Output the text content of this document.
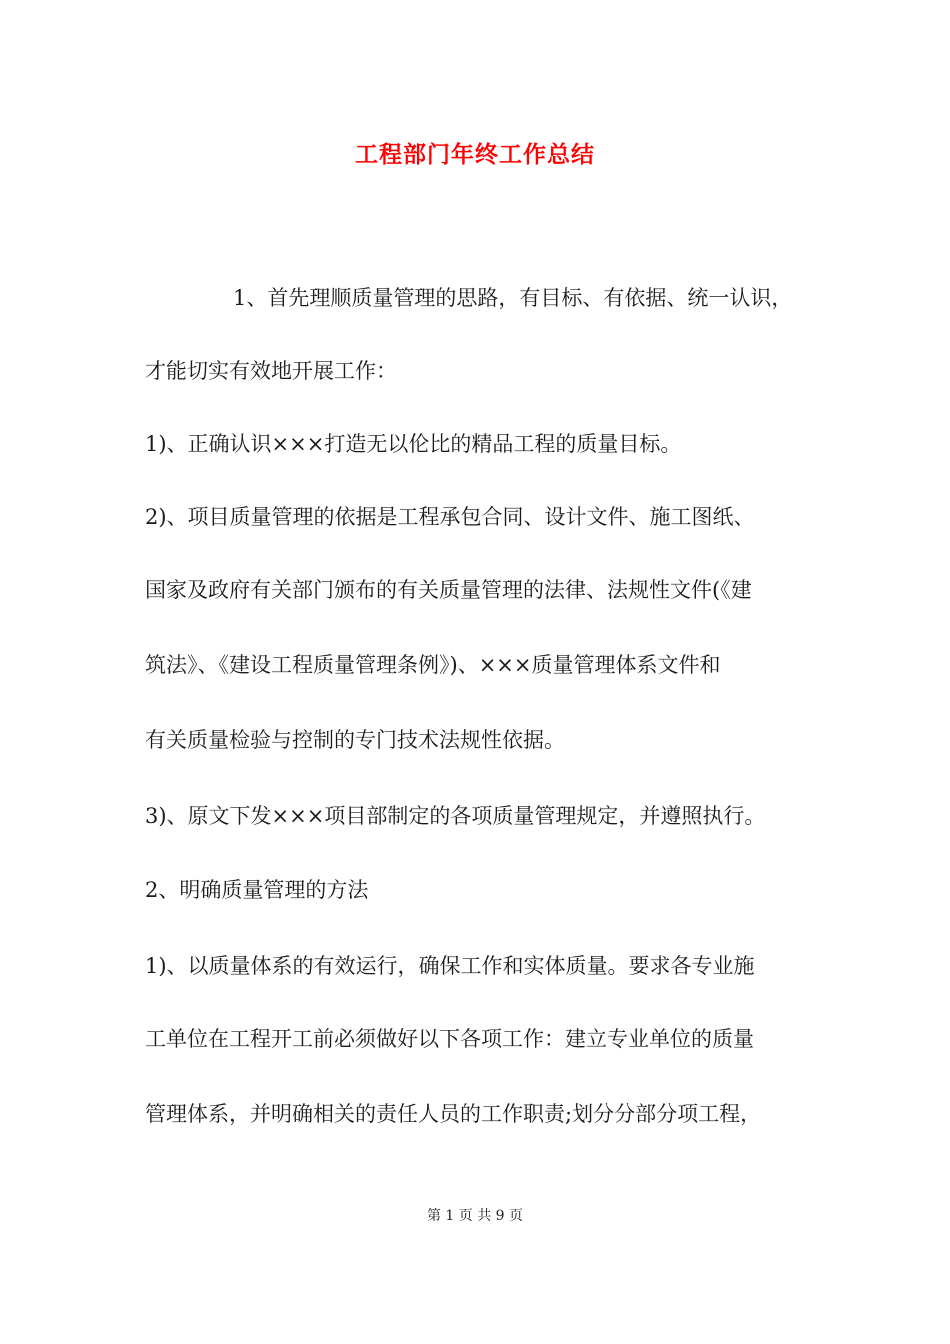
工程部门年终工作总结
1、首先理顺质量管理的思路，有目标、有依据、统一认识，
才能切实有效地开展工作：
1)、正确认识×××打造无以伦比的精品工程的质量目标。
2)、项目质量管理的依据是工程承包合同、设计文件、施工图纸、
国家及政府有关部门颁布的有关质量管理的法律、法规性文件(《建
筑法》、《建设工程质量管理条例》)、×××质量管理体系文件和
有关质量检验与控制的专门技术法规性依据。
3)、原文下发×××项目部制定的各项质量管理规定，并遵照执行。
2、明确质量管理的方法
1)、以质量体系的有效运行，确保工作和实体质量。要求各专业施
工单位在工程开工前必须做好以下各项工作：建立专业单位的质量
管理体系，并明确相关的责任人员的工作职责;划分分部分项工程，
第 1 页 共 9 页
